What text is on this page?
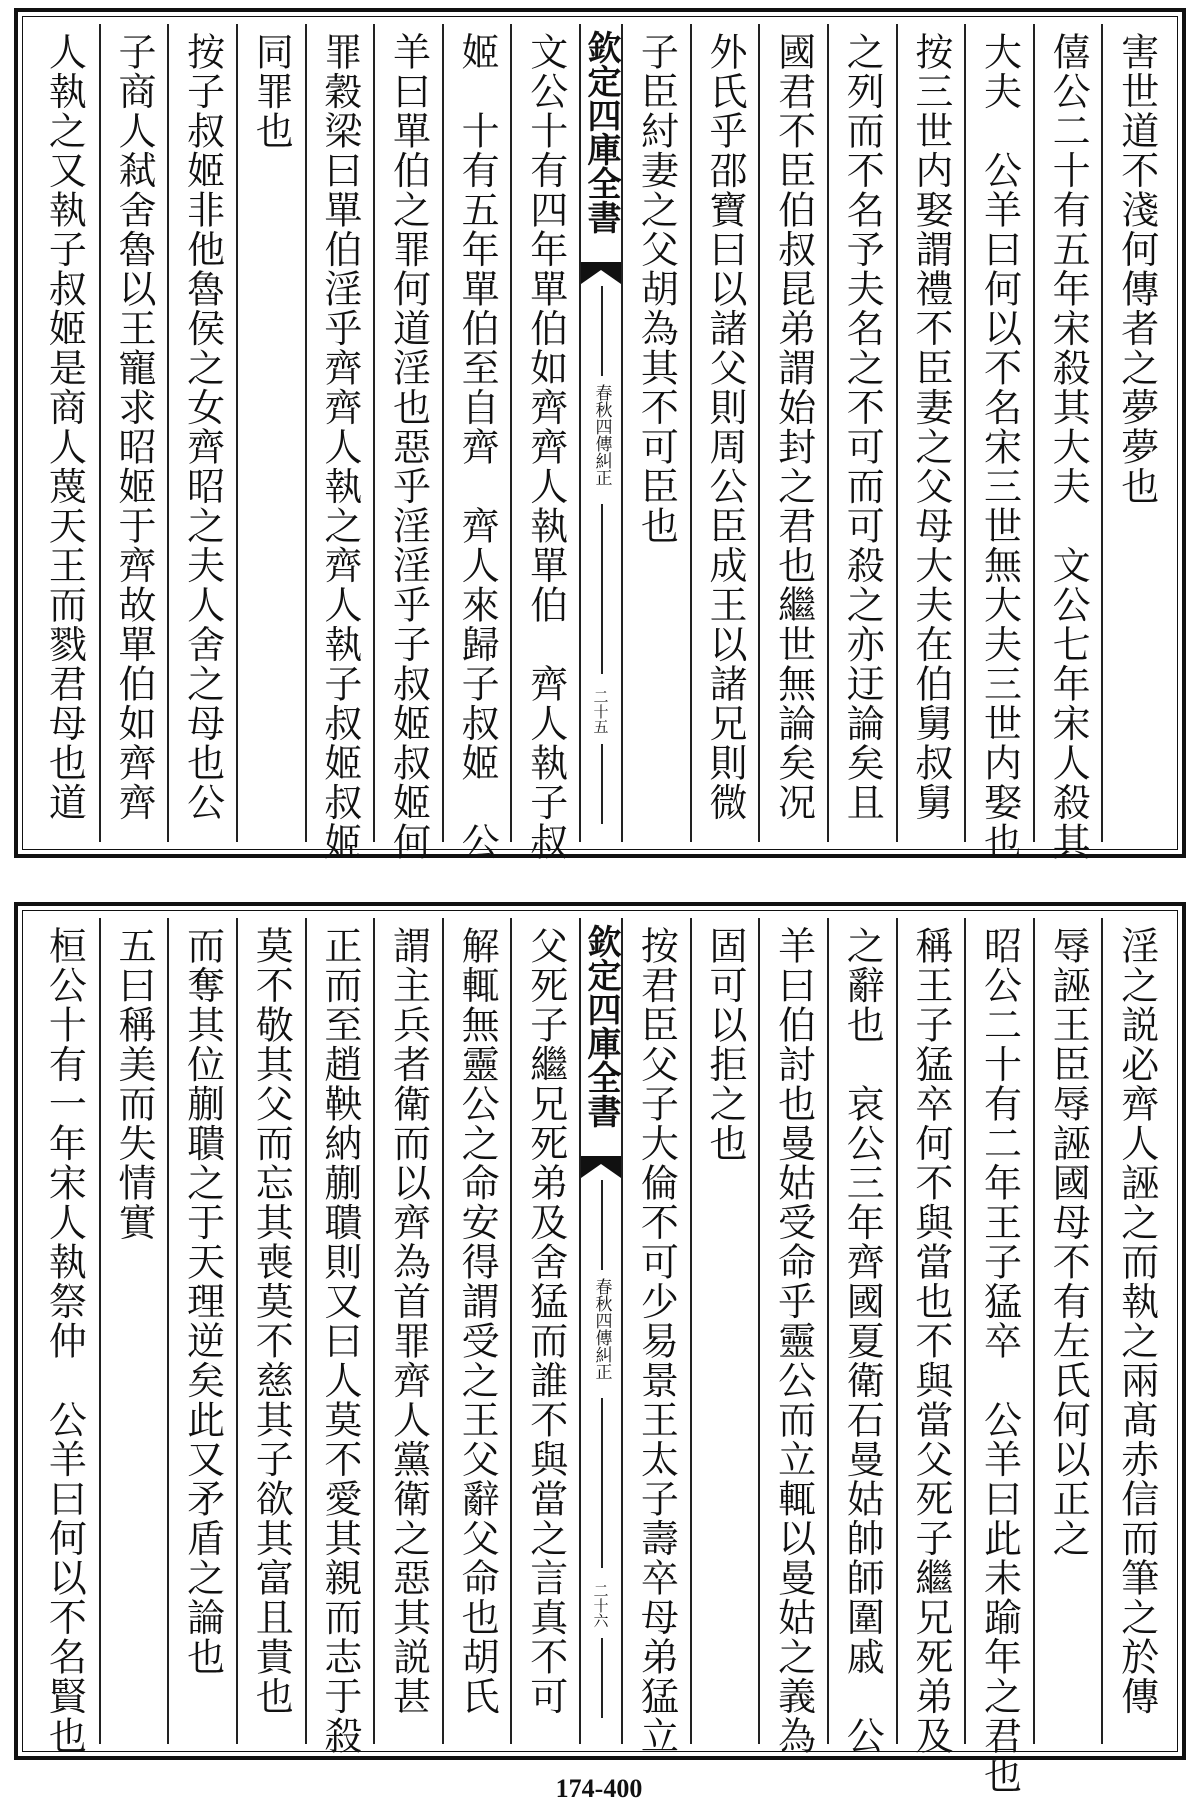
害世道不淺何傳者之夢夢也
僖公二十有五年宋殺其大夫　文公七年宋人殺其
大夫　公羊曰何以不名宋三世無大夫三世内娶也
按三世内娶謂禮不臣妻之父母大夫在伯舅叔舅
之列而不名予夫名之不可而可殺之亦迂論矣且
國君不臣伯叔昆弟謂始封之君也繼世無論矣况
外氏乎邵寶曰以諸父則周公臣成王以諸兄則微
子臣紂妻之父胡為其不可臣也
欽定四庫全書
春秋四傳糾正
二十五
文公十有四年單伯如齊齊人執單伯　齊人執子叔
姬　十有五年單伯至自齊　齊人來歸子叔姬　公
羊曰單伯之罪何道淫也惡乎淫淫乎子叔姬叔姬何
罪穀梁曰單伯淫乎齊齊人執之齊人執子叔姬叔姬
同罪也
按子叔姬非他魯侯之女齊昭之夫人舍之母也公
子商人弒舍魯以王寵求昭姬于齊故單伯如齊齊
人執之又執子叔姬是商人蔑天王而戮君母也道
淫之説必齊人誣之而執之兩髙赤信而筆之於傳
辱誣王臣辱誣國母不有左氏何以正之
昭公二十有二年王子猛卒　公羊曰此未踰年之君也
稱王子猛卒何不與當也不與當父死子繼兄死弟及
之辭也　哀公三年齊國夏衛石曼姑帥師圍戚　公
羊曰伯討也曼姑受命乎靈公而立輒以曼姑之義為
固可以拒之也
按君臣父子大倫不可少易景王太子壽卒母弟猛立
欽定四庫全書
春秋四傳糾正
二十六
父死子繼兄死弟及舍猛而誰不與當之言真不可
解輒無靈公之命安得謂受之王父辭父命也胡氏
謂主兵者衛而以齊為首罪齊人黨衛之惡其説甚
正而至趙鞅納蒯聵則又曰人莫不愛其親而志于殺
莫不敬其父而忘其喪莫不慈其子欲其富且貴也
而奪其位蒯聵之于天理逆矣此又矛盾之論也
五曰稱美而失情實
桓公十有一年宋人執祭仲　公羊曰何以不名賢也
174-400
